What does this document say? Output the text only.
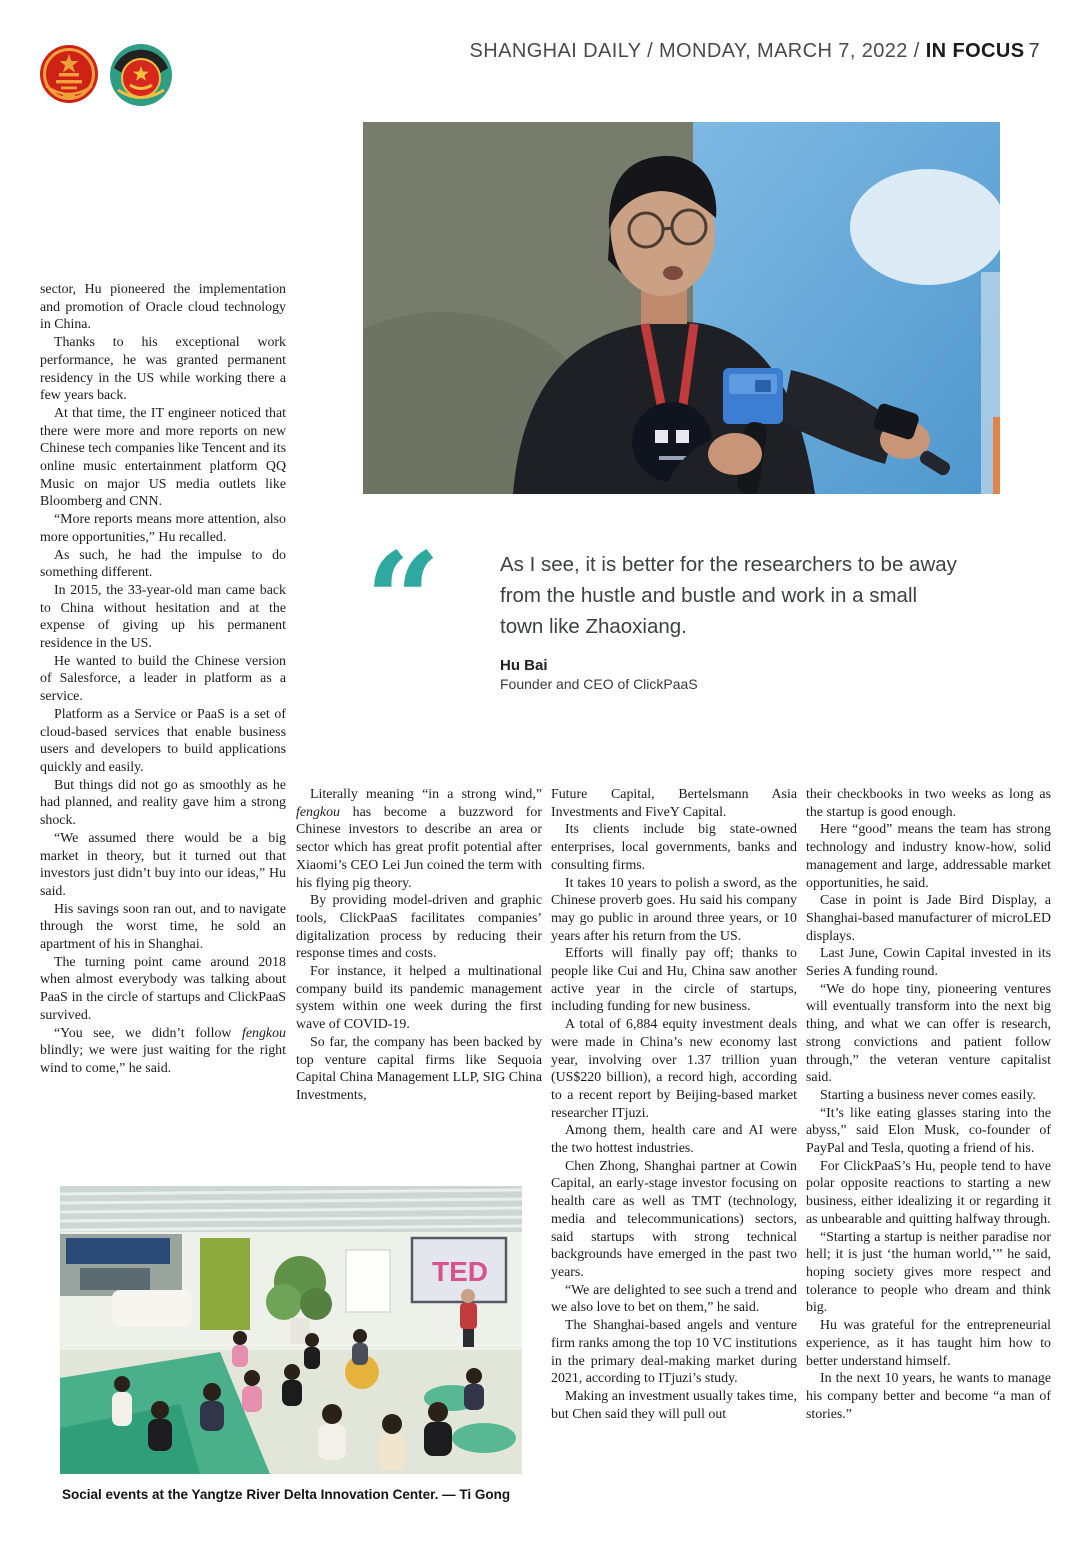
SHANGHAI DAILY / MONDAY, MARCH 7, 2022 / IN FOCUS 7
“	As I see, it is better for the researchers to be away from the hustle and bustle and work in a small town like Zhaoxiang.
Hu Bai
Founder and CEO of ClickPaaS

sector, Hu pioneered the implementation and promotion of Oracle cloud technology in China.

Thanks to his exceptional work performance, he was granted permanent residency in the US while working there a few years back.

At that time, the IT engineer noticed that there were more and more reports on new Chinese tech companies like Tencent and its online music entertainment platform QQ Music on major US media outlets like Bloomberg and CNN.

“More reports means more attention, also more opportunities,” Hu recalled.

As such, he had the impulse to do something different.

In 2015, the 33-year-old man came back to China without hesitation and at the expense of giving up his permanent residence in the US.

He wanted to build the Chinese version of Salesforce, a leader in platform as a service.

Platform as a Service or PaaS is a set of cloud-based services that enable business users and developers to build applications quickly and easily.

But things did not go as smoothly as he had planned, and reality gave him a strong shock.

“We assumed there would be a big market in theory, but it turned out that investors just didn’t buy into our ideas,” Hu said.

His savings soon ran out, and to navigate through the worst time, he sold an apartment of his in Shanghai.

The turning point came around 2018 when almost everybody was talking about PaaS in the circle of startups and ClickPaaS survived.

“You see, we didn’t follow fengkou blindly; we were just waiting for the right wind to come,” he said.

Literally meaning “in a strong wind,” fengkou has become a buzzword for Chinese investors to describe an area or sector which has great profit potential after Xiaomi’s CEO Lei Jun coined the term with his flying pig theory.

By providing model-driven and graphic tools, ClickPaaS facilitates companies’ digitalization process by reducing their response times and costs.

For instance, it helped a multinational company build its pandemic management system within one week during the first wave of COVID-19.

So far, the company has been backed by top venture capital firms like Sequoia Capital China Management LLP, SIG China Investments,

Future Capital, Bertelsmann Asia Investments and FiveY Capital.

Its clients include big state-owned enterprises, local governments, banks and consulting firms.

It takes 10 years to polish a sword, as the Chinese proverb goes. Hu said his company may go public in around three years, or 10 years after his return from the US.

Efforts will finally pay off; thanks to people like Cui and Hu, China saw another active year in the circle of startups, including funding for new business.

A total of 6,884 equity investment deals were made in China’s new economy last year, involving over 1.37 trillion yuan (US$220 billion), a record high, according to a recent report by Beijing-based market researcher ITjuzi.

Among them, health care and AI were the two hottest industries.

Chen Zhong, Shanghai partner at Cowin Capital, an early-stage investor focusing on health care as well as TMT (technology, media and telecommunications) sectors, said startups with strong technical backgrounds have emerged in the past two years.

“We are delighted to see such a trend and we also love to bet on them,” he said.

The Shanghai-based angels and venture firm ranks among the top 10 VC institutions in the primary deal-making market during 2021, according to ITjuzi’s study.

Making an investment usually takes time, but Chen said they will pull out

their checkbooks in two weeks as long as the startup is good enough.

Here “good” means the team has strong technology and industry know-how, solid management and large, addressable market opportunities, he said.

Case in point is Jade Bird Display, a Shanghai-based manufacturer of microLED displays.

Last June, Cowin Capital invested in its Series A funding round.

“We do hope tiny, pioneering ventures will eventually transform into the next big thing, and what we can offer is research, strong convictions and patient follow through,” the veteran venture capitalist said.

Starting a business never comes easily.

“It’s like eating glasses staring into the abyss,” said Elon Musk, co-founder of PayPal and Tesla, quoting a friend of his.

For ClickPaaS’s Hu, people tend to have polar opposite reactions to starting a new business, either idealizing it or regarding it as unbearable and quitting halfway through.

“Starting a startup is neither paradise nor hell; it is just ‘the human world,’” he said, hoping society gives more respect and tolerance to people who dream and think big.

Hu was grateful for the entrepreneurial experience, as it has taught him how to better understand himself.

In the next 10 years, he wants to manage his company better and become “a man of stories.”

TED
Social events at the Yangtze River Delta Innovation Center. — Ti Gong
